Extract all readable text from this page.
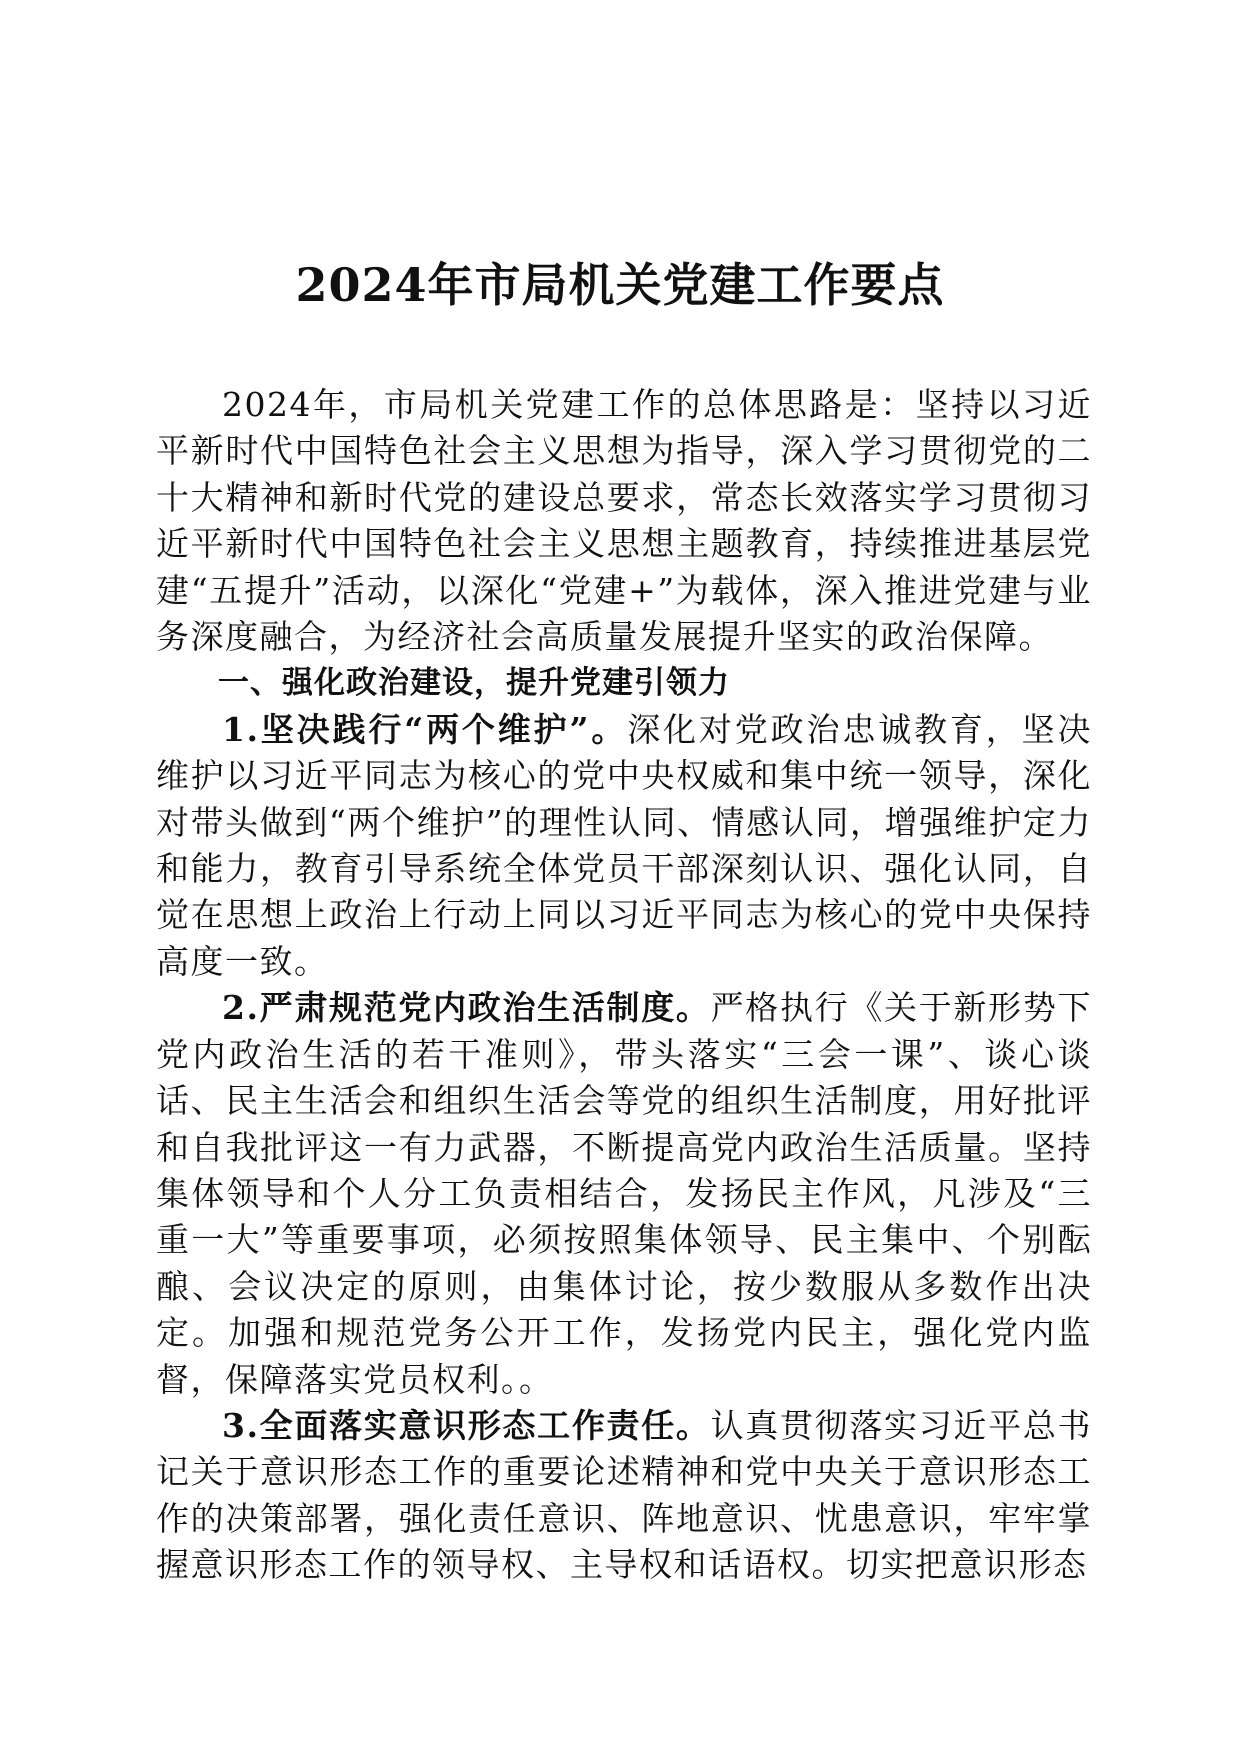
2024年市局机关党建工作要点

2024年，市局机关党建工作的总体思路是：坚持以习近平新时代中国特色社会主义思想为指导，深入学习贯彻党的二十大精神和新时代党的建设总要求，常态长效落实学习贯彻习近平新时代中国特色社会主义思想主题教育，持续推进基层党建“五提升”活动，以深化“党建+”为载体，深入推进党建与业务深度融合，为经济社会高质量发展提升坚实的政治保障。

一、强化政治建设，提升党建引领力

1.坚决践行“两个维护”。深化对党政治忠诚教育，坚决维护以习近平同志为核心的党中央权威和集中统一领导，深化对带头做到“两个维护”的理性认同、情感认同，增强维护定力和能力，教育引导系统全体党员干部深刻认识、强化认同，自觉在思想上政治上行动上同以习近平同志为核心的党中央保持高度一致。

2.严肃规范党内政治生活制度。严格执行《关于新形势下党内政治生活的若干准则》，带头落实“三会一课”、谈心谈话、民主生活会和组织生活会等党的组织生活制度，用好批评和自我批评这一有力武器，不断提高党内政治生活质量。坚持集体领导和个人分工负责相结合，发扬民主作风，凡涉及“三重一大”等重要事项，必须按照集体领导、民主集中、个别酝酿、会议决定的原则，由集体讨论，按少数服从多数作出决定。加强和规范党务公开工作，发扬党内民主，强化党内监督，保障落实党员权利。。

3.全面落实意识形态工作责任。认真贯彻落实习近平总书记关于意识形态工作的重要论述精神和党中央关于意识形态工作的决策部署，强化责任意识、阵地意识、忧患意识，牢牢掌握意识形态工作的领导权、主导权和话语权。切实把意识形态
